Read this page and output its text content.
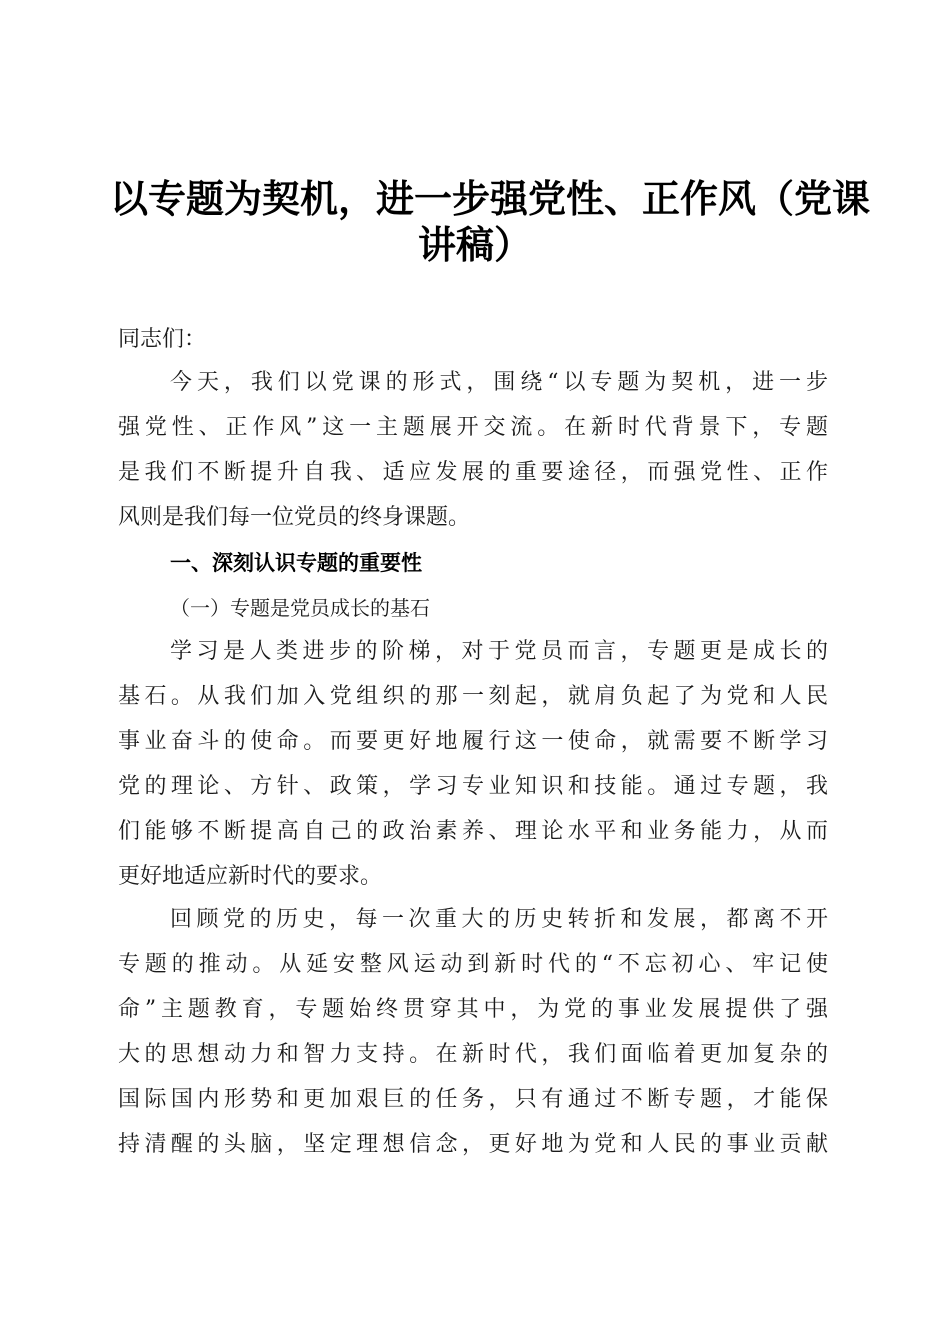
以专题为契机，进一步强党性、正作风（党课
讲稿）
同志们：
今天，我们以党课的形式，围绕“以专题为契机，进一步
强党性、正作风”这一主题展开交流。在新时代背景下，专题
是我们不断提升自我、适应发展的重要途径，而强党性、正作
风则是我们每一位党员的终身课题。
一、深刻认识专题的重要性
（一）专题是党员成长的基石
学习是人类进步的阶梯，对于党员而言，专题更是成长的
基石。从我们加入党组织的那一刻起，就肩负起了为党和人民
事业奋斗的使命。而要更好地履行这一使命，就需要不断学习
党的理论、方针、政策，学习专业知识和技能。通过专题，我
们能够不断提高自己的政治素养、理论水平和业务能力，从而
更好地适应新时代的要求。
回顾党的历史，每一次重大的历史转折和发展，都离不开
专题的推动。从延安整风运动到新时代的“不忘初心、牢记使
命”主题教育，专题始终贯穿其中，为党的事业发展提供了强
大的思想动力和智力支持。在新时代，我们面临着更加复杂的
国际国内形势和更加艰巨的任务，只有通过不断专题，才能保
持清醒的头脑，坚定理想信念，更好地为党和人民的事业贡献
